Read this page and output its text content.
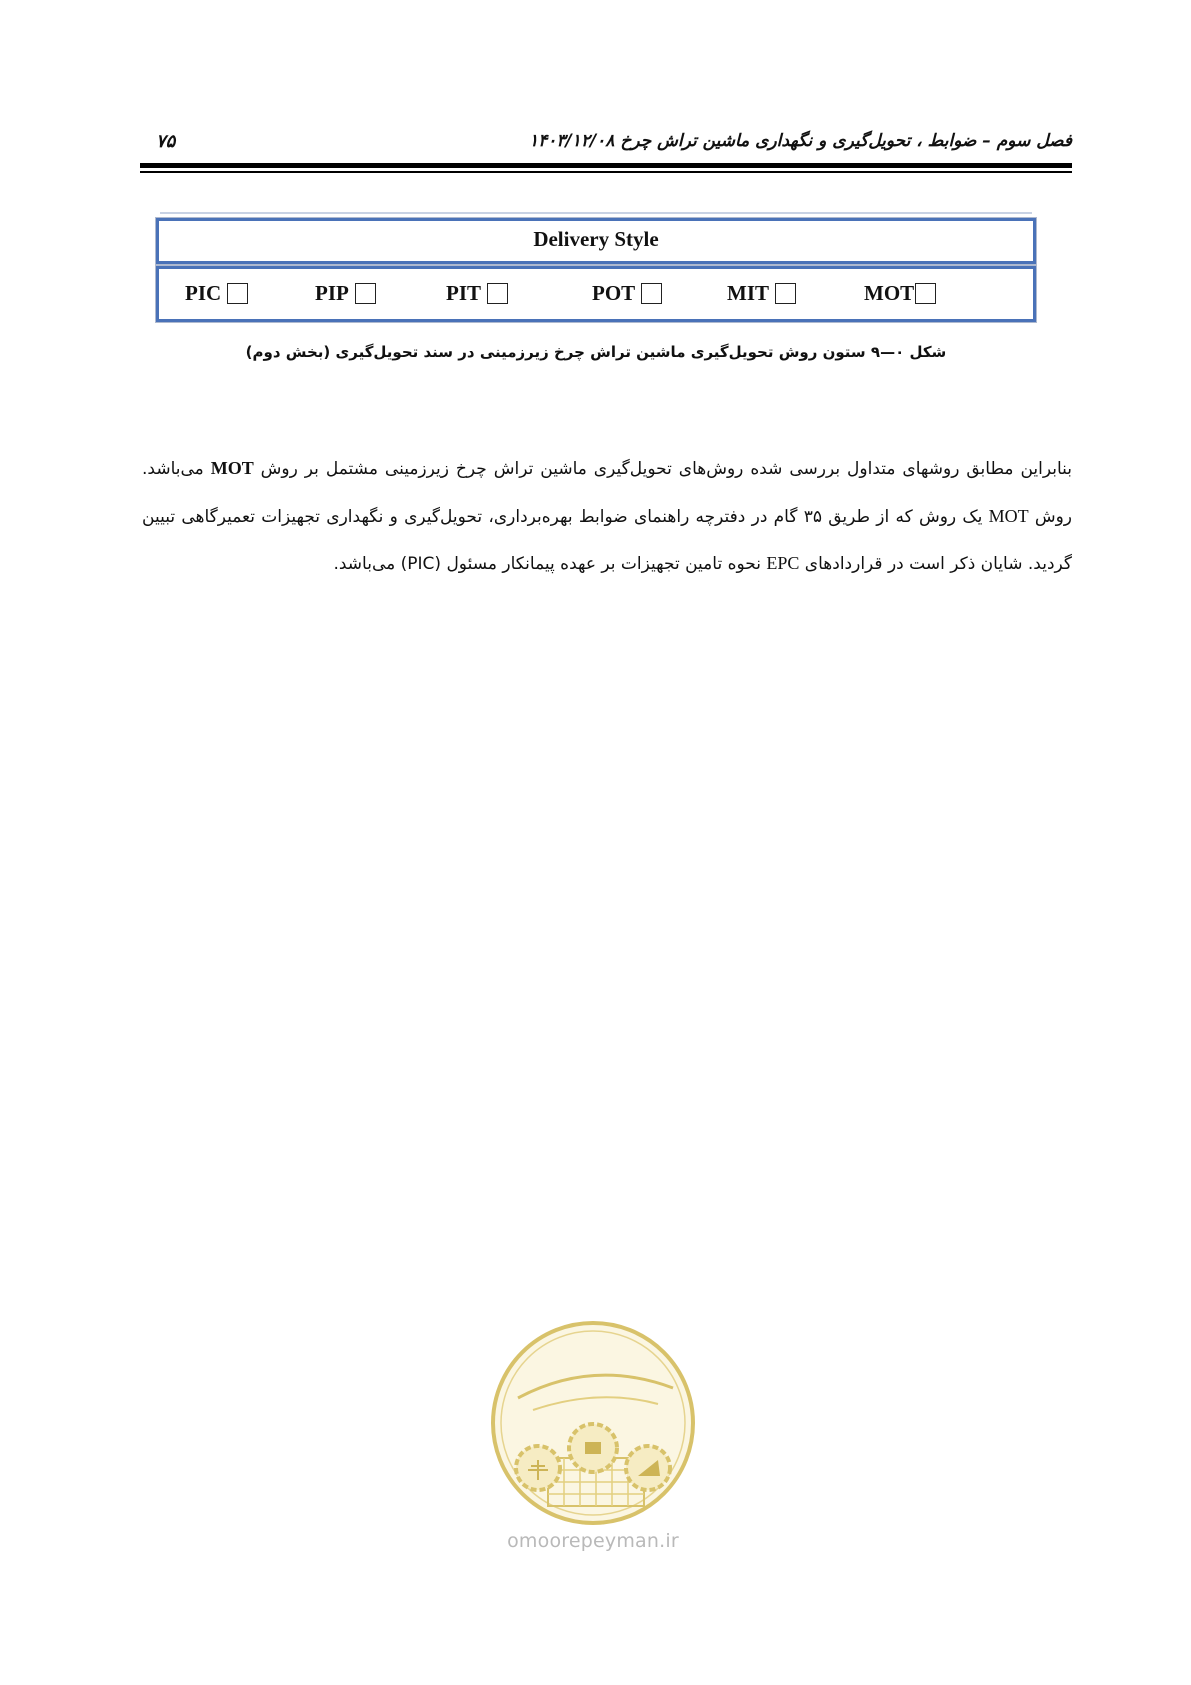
فصل سوم – ضوابط ، تحویل‌گیری و نگهداری ماشین تراش چرخ ۱۴۰۳/۱۲/۰۸
۷۵
Delivery Style
PIC	PIP	PIT	POT	MIT	MOT
شکل ۰—۹ ستون روش تحویل‌گیری ماشین تراش چرخ زیرزمینی در سند تحویل‌گیری (بخش دوم)
بنابراین مطابق روشهای متداول بررسی شده روش‌های تحویل‌گیری ماشین تراش چرخ زیرزمینی مشتمل بر روش MOT می‌باشد. روش MOT یک روش که از طریق ۳۵ گام در دفترچه راهنمای ضوابط بهره‌برداری، تحویل‌گیری و نگهداری تجهیزات تعمیرگاهی تبیین گردید. شایان ذکر است در قراردادهای EPC نحوه تامین تجهیزات بر عهده پیمانکار مسئول (PIC) می‌باشد.
omoorepeyman.ir
